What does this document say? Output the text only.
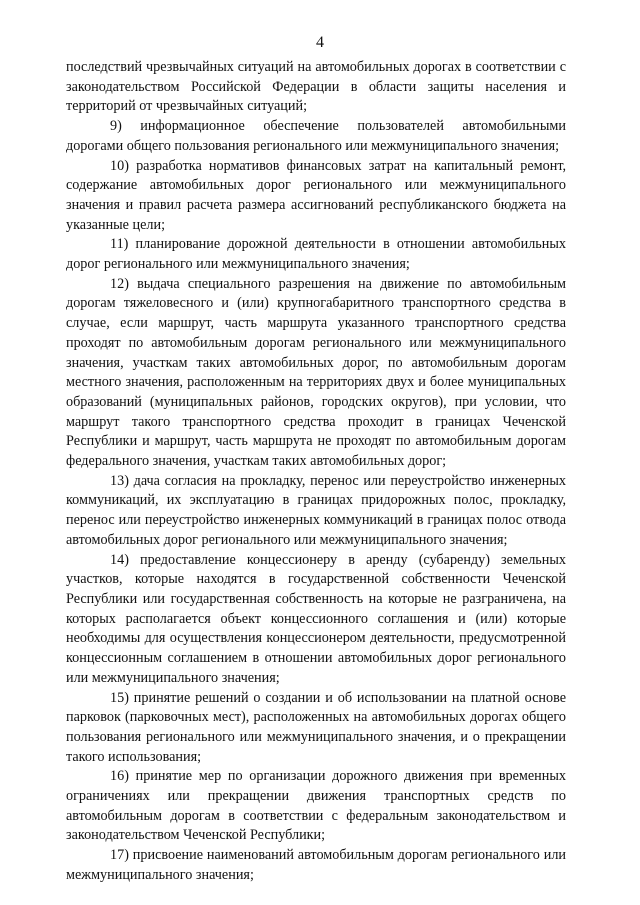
4

последствий чрезвычайных ситуаций на автомобильных дорогах в соответствии с законодательством Российской Федерации в области защиты населения и территорий от чрезвычайных ситуаций;

9) информационное обеспечение пользователей автомобильными дорогами общего пользования регионального или межмуниципального значения;

10) разработка нормативов финансовых затрат на капитальный ремонт, содержание автомобильных дорог регионального или межмуниципального значения и правил расчета размера ассигнований республиканского бюджета на указанные цели;

11) планирование дорожной деятельности в отношении автомобильных дорог регионального или межмуниципального значения;

12) выдача специального разрешения на движение по автомобильным дорогам тяжеловесного и (или) крупногабаритного транспортного средства в случае, если маршрут, часть маршрута указанного транспортного средства проходят по автомобильным дорогам регионального или межмуниципального значения, участкам таких автомобильных дорог, по автомобильным дорогам местного значения, расположенным на территориях двух и более муниципальных образований (муниципальных районов, городских округов), при условии, что маршрут такого транспортного средства проходит в границах Чеченской Республики и маршрут, часть маршрута не проходят по автомобильным дорогам федерального значения, участкам таких автомобильных дорог;

13) дача согласия на прокладку, перенос или переустройство инженерных коммуникаций, их эксплуатацию в границах придорожных полос, прокладку, перенос или переустройство инженерных коммуникаций в границах полос отвода автомобильных дорог регионального или межмуниципального значения;

14) предоставление концессионеру в аренду (субаренду) земельных участков, которые находятся в государственной собственности Чеченской Республики или государственная собственность на которые не разграничена, на которых располагается объект концессионного соглашения и (или) которые необходимы для осуществления концессионером деятельности, предусмотренной концессионным соглашением в отношении автомобильных дорог регионального или межмуниципального значения;

15) принятие решений о создании и об использовании на платной основе парковок (парковочных мест), расположенных на автомобильных дорогах общего пользования регионального или межмуниципального значения, и о прекращении такого использования;

16) принятие мер по организации дорожного движения при временных ограничениях или прекращении движения транспортных средств по автомобильным дорогам в соответствии с федеральным законодательством и законодательством Чеченской Республики;

17) присвоение наименований автомобильным дорогам регионального или межмуниципального значения;
